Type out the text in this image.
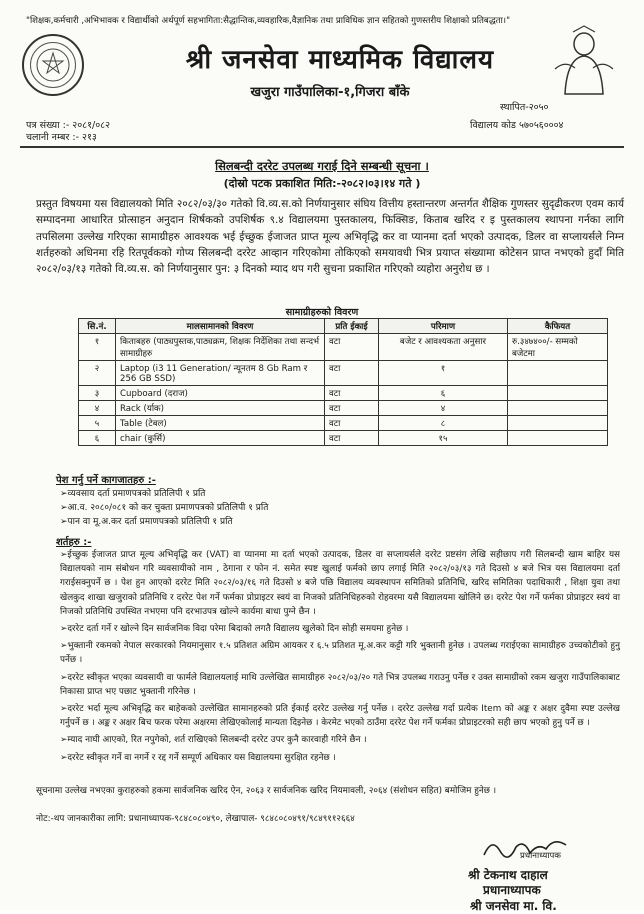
"शिक्षक,कर्मचारी ,अभिभावक र विद्यार्थीको अर्थपूर्ण सहभागिता:सैद्धान्तिक,व्यवहारिक,वैज्ञानिक तथा प्राविधिक ज्ञान सहितको गुणस्तरीय शिक्षाको प्रतिबद्धता।"
श्री जनसेवा माध्यमिक विद्यालय
खजुरा गाउँपालिका-१,गिजरा बाँके
स्थापित-२०५०
विद्यालय कोड ५७०५६०००४
पत्र संख्या :- २०८१/०८२
चलानी नम्बर :- २१३
सिलबन्दी दररेट उपलब्ध गराई दिने सम्बन्धी सूचना ।
(दोस्रो पटक प्रकाशित मिति:-२०८२।०३।१४ गते )
प्रस्तुत विषयमा यस विद्यालयको मिति २०८२/०३/३० गतेको वि.व्य.स.को निर्णयानुसार संघिय वित्तीय हस्तान्तरण अन्तर्गत शैक्षिक गुणस्तर सुदृढीकरण एवम कार्य सम्पादनमा आधारित प्रोत्साहन अनुदान शिर्षकको उपशिर्षक ९.४ विद्यालयमा पुस्तकालय, फिक्सिङ, किताब खरिद र इ पुस्तकालय स्थापना गर्नका लागि तपसिलमा उल्लेख गरिएका सामाग्रीहरु आवश्यक भई ईच्छुक ईजाजत प्राप्त मूल्य अभिवृद्धि कर वा प्यानमा दर्ता भएको उत्पादक, डिलर वा सप्लायर्सले निम्न शर्तहरुको अधिनमा रहि रितपूर्वकको गोप्य सिलबन्दी दररेट आव्हान गरिएकोमा तोकिएको समयावधी भित्र प्रयाप्त संख्यामा कोटेसन प्राप्त नभएको हुदाँ मिति २०८२/०३/१३ गतेको वि.व्य.स. को निर्णयानुसार पुन: ३ दिनको म्याद थप गरी सुचना प्रकाशित गरिएको व्यहोरा अनुरोध छ ।
सामाग्रीहरुको विवरण
सि.नं.	मालसामानको विवरण	प्रति ईकाई	परिमाण	कैफियत
१	किताबहरु (पाठ्यपुस्तक,पाठ्यक्रम, शिक्षक निर्देशिका तथा सन्दर्भ सामाग्रीहरु	वटा	बजेट र आवश्यकता अनुसार	रु.३४७४००/- सम्मको बजेटमा
२	Laptop (i3 11 Generation/ न्यूनतम 8 Gb Ram र 256 GB SSD)	वटा	१	
३	Cupboard (दराज)	वटा	६	
४	Rack (र्याक)	वटा	४	
५	Table (टेबल)	वटा	८	
६	chair (कुर्सि)	वटा	१५	
पेश गर्नु पर्ने कागजातहरु :-
➢ व्यवसाय दर्ता प्रमाणपत्रको प्रतिलिपी १ प्रति
➢ आ.व. २०८०/०८१ को कर चुक्ता प्रमाणपत्रको प्रतिलिपी १ प्रति
➢ पान वा मू.अ.कर दर्ता प्रमाणपत्रको प्रतिलिपी १ प्रति
शर्तहरु :-

➢ ईच्छुक ईजाजत प्राप्त मूल्य अभिवृद्धि कर (VAT) वा प्यानमा मा दर्ता भएको उत्पादक, डिलर वा सप्लायर्सले दररेट प्रष्टसंग लेखि सहीछाप गरी सिलबन्दी खाम बाहिर यस विद्यालयको नाम संबोधन गरि व्यवसायीको नाम , ठेगाना र फोन नं. समेत स्पष्ट खुलाई फर्मको छाप लगाई मिति २०८२/०३/१३ गते दिउसो ४ बजे भित्र यस विद्यालयमा दर्ता गराईसक्नुपर्ने छ । पेश हुन आएको दररेट मिति २०८२/०३/१६ गते दिउसो ४ बजे पछि विद्यालय व्यवस्थापन समितिको प्रतिनिधि, खरिद समितिका पदाधिकारी , शिक्षा युवा तथा खेलकुद शाखा खजुराको प्रतिनिधि र दररेट पेश गर्ने फर्मका प्रोप्राइटर स्वयं वा निजको प्रतिनिधिहरुको रोहवरमा यसै विद्यालयमा खोलिने छ। दररेट पेश गर्ने फर्मका प्रोप्राइटर स्वयं वा निजको प्रतिनिधि उपस्थित नभएमा पनि दरभाउपत्र खोल्ने कार्यमा बाधा पुग्ने छैन ।

➢ दररेट दर्ता गर्ने र खोल्ने दिन सार्वजनिक विदा परेमा बिदाको लगतै विद्यालय खुलेको दिन सोही समयमा हुनेछ ।

➢ भुक्तानी रकमको नेपाल सरकारको नियमानुसार १.५ प्रतिशत अग्रिम आयकर र ६.५ प्रतिशत मू.अ.कर कट्टी गरि भुक्तानी हुनेछ । उपलब्ध गराईएका सामाग्रीहरु उच्चकोटीको हुनु पर्नेछ ।

➢ दररेट स्वीकृत भएका व्यवसायी वा फार्मले विद्यालयलाई माथि उल्लेखित सामाग्रीहरु २०८२/०३/२० गते भित्र उपलब्ध गराउनु पर्नेछ र उक्त सामाग्रीको रकम खजुरा गाउँपालिकाबाट निकासा प्राप्त भए पछाट भुक्तानी गरिनेछ ।

➢ दररेट भर्दा मूल्य अभिवृद्धि कर बाहेकको उल्लेखित सामानहरुको प्रति ईकाई दररेट उल्लेख गर्नु पर्नेछ । दररेट उल्लेख गर्दा प्रत्येक Item को अङ्क र अक्षर दुवैमा स्पष्ट उल्लेख गर्नुपर्ने छ । अङ्क र अक्षर बिच फरक परेमा अक्षरमा लेखिएकोलाई मान्यता दिइनेछ । केरमेट भएको ठाउँमा दररेट पेश गर्ने फर्मका प्रोप्राइटरको सही छाप भएको हुनु पर्ने छ ।

➢ म्याद नाघी आएको, रित नपुगेको, शर्त राखिएको सिलबन्दी दररेट उपर कुनै कारवाही गरिने छैन ।

➢ दररेट स्वीकृत गर्ने वा नगर्ने र रद्द गर्ने सम्पूर्ण अधिकार यस विद्यालयमा सुरक्षित रहनेछ ।

सूचनामा उल्लेख नभएका कुराहरुको हकमा सार्वजनिक खरिद ऐन, २०६३ र सार्वजनिक खरिद नियमावली, २०६४ (संशोधन सहित) बमोजिम हुनेछ ।
नोट:-थप जानकारीका लागि: प्रधानाध्यापक-९८४८०८०४९०, लेखापाल- ९८४८०८०४९१/९८४९११२६६४
प्रधानाध्यापक
श्री टेकनाथ दाहाल
प्रधानाध्यापक
श्री जनसेवा मा. वि.
